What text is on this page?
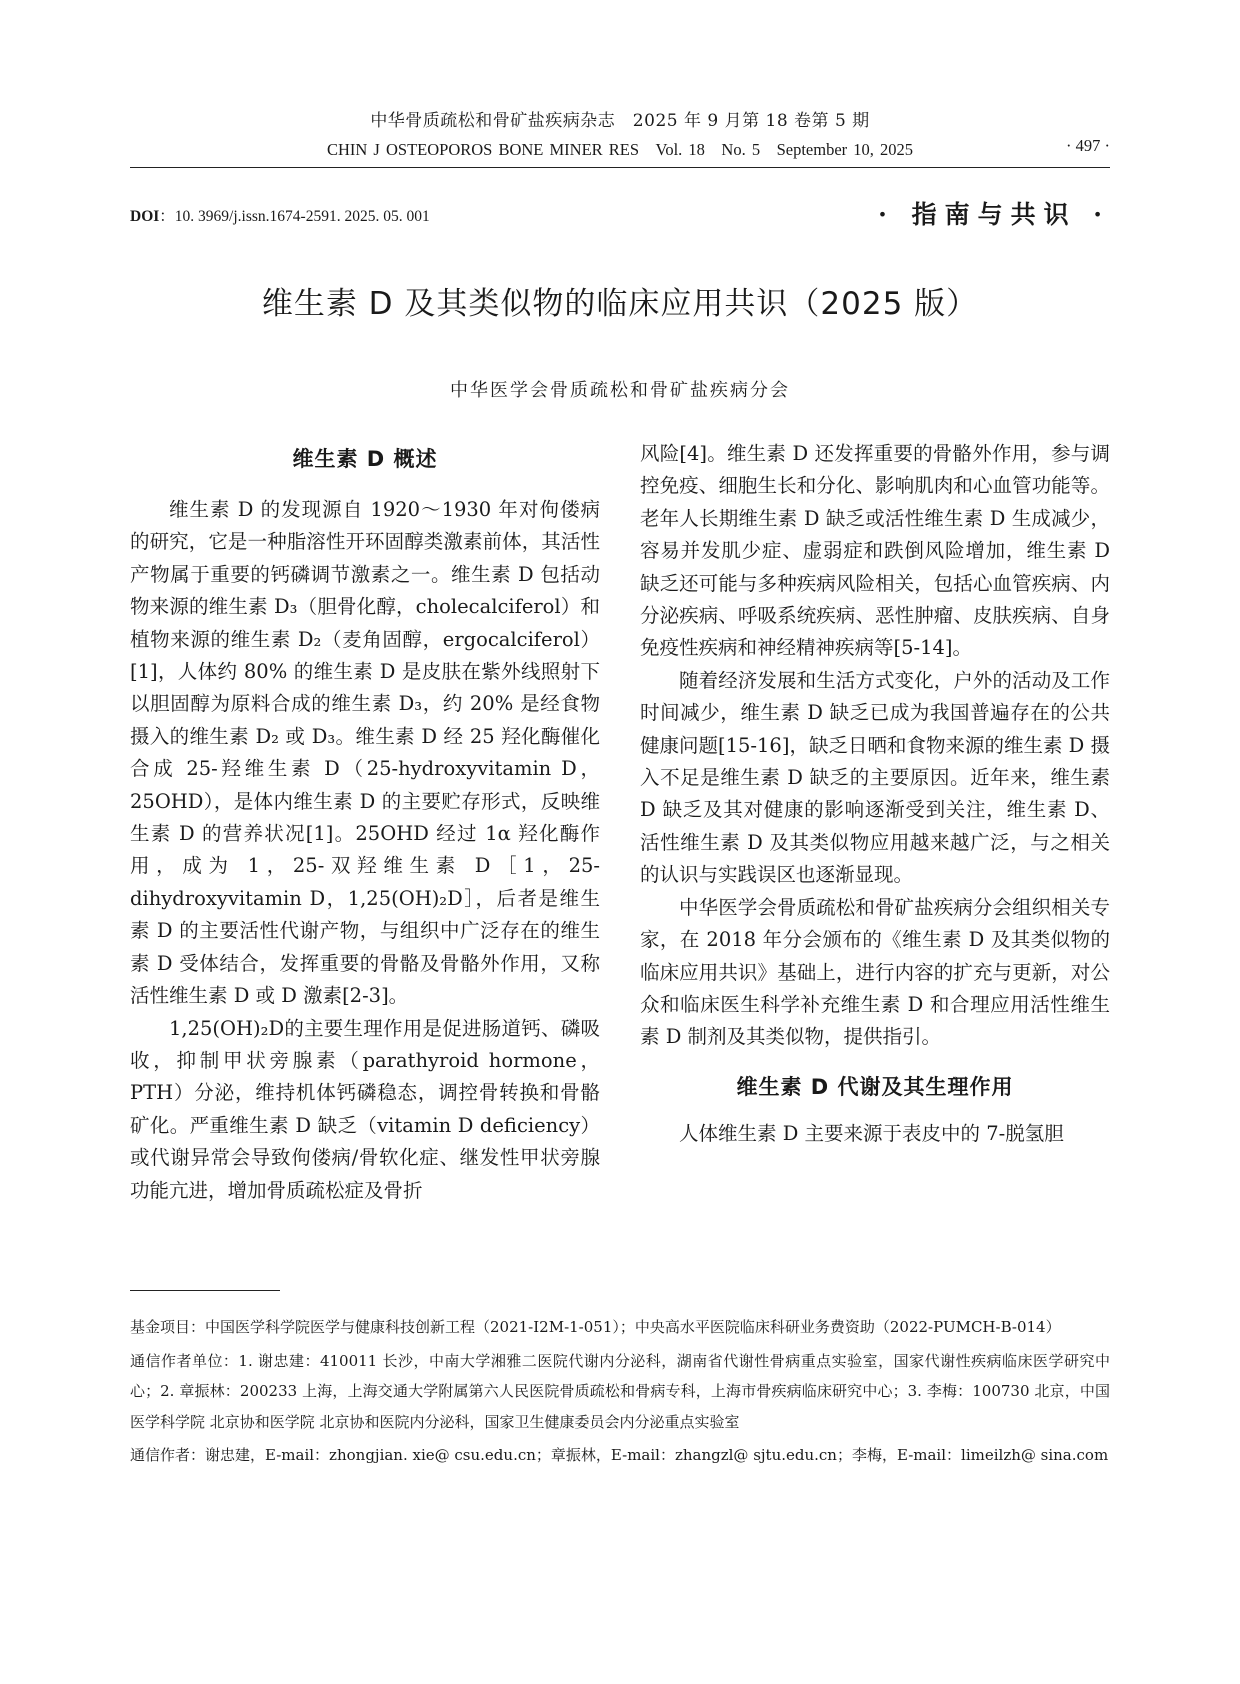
中华骨质疏松和骨矿盐疾病杂志　2025 年 9 月第 18 卷第 5 期
CHIN J OSTEOPOROS BONE MINER RES　Vol. 18　No. 5　September 10, 2025	· 497 ·
DOI：10. 3969/j.issn.1674-2591. 2025. 05. 001	· 指南与共识 ·
维生素 D 及其类似物的临床应用共识（2025 版）
中华医学会骨质疏松和骨矿盐疾病分会
维生素 D 概述

维生素 D 的发现源自 1920～1930 年对佝偻病的研究，它是一种脂溶性开环固醇类激素前体，其活性产物属于重要的钙磷调节激素之一。维生素 D 包括动物来源的维生素 D₃（胆骨化醇，cholecalciferol）和植物来源的维生素 D₂（麦角固醇，ergocalciferol）[1]，人体约 80% 的维生素 D 是皮肤在紫外线照射下以胆固醇为原料合成的维生素 D₃，约 20% 是经食物摄入的维生素 D₂ 或 D₃。维生素 D 经 25 羟化酶催化合成 25-羟维生素 D（25-hydroxyvitamin D，25OHD），是体内维生素 D 的主要贮存形式，反映维生素 D 的营养状况[1]。25OHD 经过 1α 羟化酶作用，成为 1，25-双羟维生素 D［1，25-dihydroxyvitamin D，1,25(OH)₂D］，后者是维生素 D 的主要活性代谢产物，与组织中广泛存在的维生素 D 受体结合，发挥重要的骨骼及骨骼外作用，又称活性维生素 D 或 D 激素[2-3]。

1,25(OH)₂D的主要生理作用是促进肠道钙、磷吸收，抑制甲状旁腺素（parathyroid hormone，PTH）分泌，维持机体钙磷稳态，调控骨转换和骨骼矿化。严重维生素 D 缺乏（vitamin D deficiency）或代谢异常会导致佝偻病/骨软化症、继发性甲状旁腺功能亢进，增加骨质疏松症及骨折

风险[4]。维生素 D 还发挥重要的骨骼外作用，参与调控免疫、细胞生长和分化、影响肌肉和心血管功能等。老年人长期维生素 D 缺乏或活性维生素 D 生成减少，容易并发肌少症、虚弱症和跌倒风险增加，维生素 D 缺乏还可能与多种疾病风险相关，包括心血管疾病、内分泌疾病、呼吸系统疾病、恶性肿瘤、皮肤疾病、自身免疫性疾病和神经精神疾病等[5-14]。

随着经济发展和生活方式变化，户外的活动及工作时间减少，维生素 D 缺乏已成为我国普遍存在的公共健康问题[15-16]，缺乏日晒和食物来源的维生素 D 摄入不足是维生素 D 缺乏的主要原因。近年来，维生素 D 缺乏及其对健康的影响逐渐受到关注，维生素 D、活性维生素 D 及其类似物应用越来越广泛，与之相关的认识与实践误区也逐渐显现。

中华医学会骨质疏松和骨矿盐疾病分会组织相关专家，在 2018 年分会颁布的《维生素 D 及其类似物的临床应用共识》基础上，进行内容的扩充与更新，对公众和临床医生科学补充维生素 D 和合理应用活性维生素 D 制剂及其类似物，提供指引。

维生素 D 代谢及其生理作用

人体维生素 D 主要来源于表皮中的 7-脱氢胆

基金项目：中国医学科学院医学与健康科技创新工程（2021-I2M-1-051）；中央高水平医院临床科研业务费资助（2022-PUMCH-B-014）

通信作者单位：1. 谢忠建：410011 长沙，中南大学湘雅二医院代谢内分泌科，湖南省代谢性骨病重点实验室，国家代谢性疾病临床医学研究中心；2. 章振林：200233 上海，上海交通大学附属第六人民医院骨质疏松和骨病专科，上海市骨疾病临床研究中心；3. 李梅：100730 北京，中国医学科学院 北京协和医学院 北京协和医院内分泌科，国家卫生健康委员会内分泌重点实验室

通信作者：谢忠建，E-mail：zhongjian. xie@ csu.edu.cn；章振林，E-mail：zhangzl@ sjtu.edu.cn；李梅，E-mail：limeilzh@ sina.com
